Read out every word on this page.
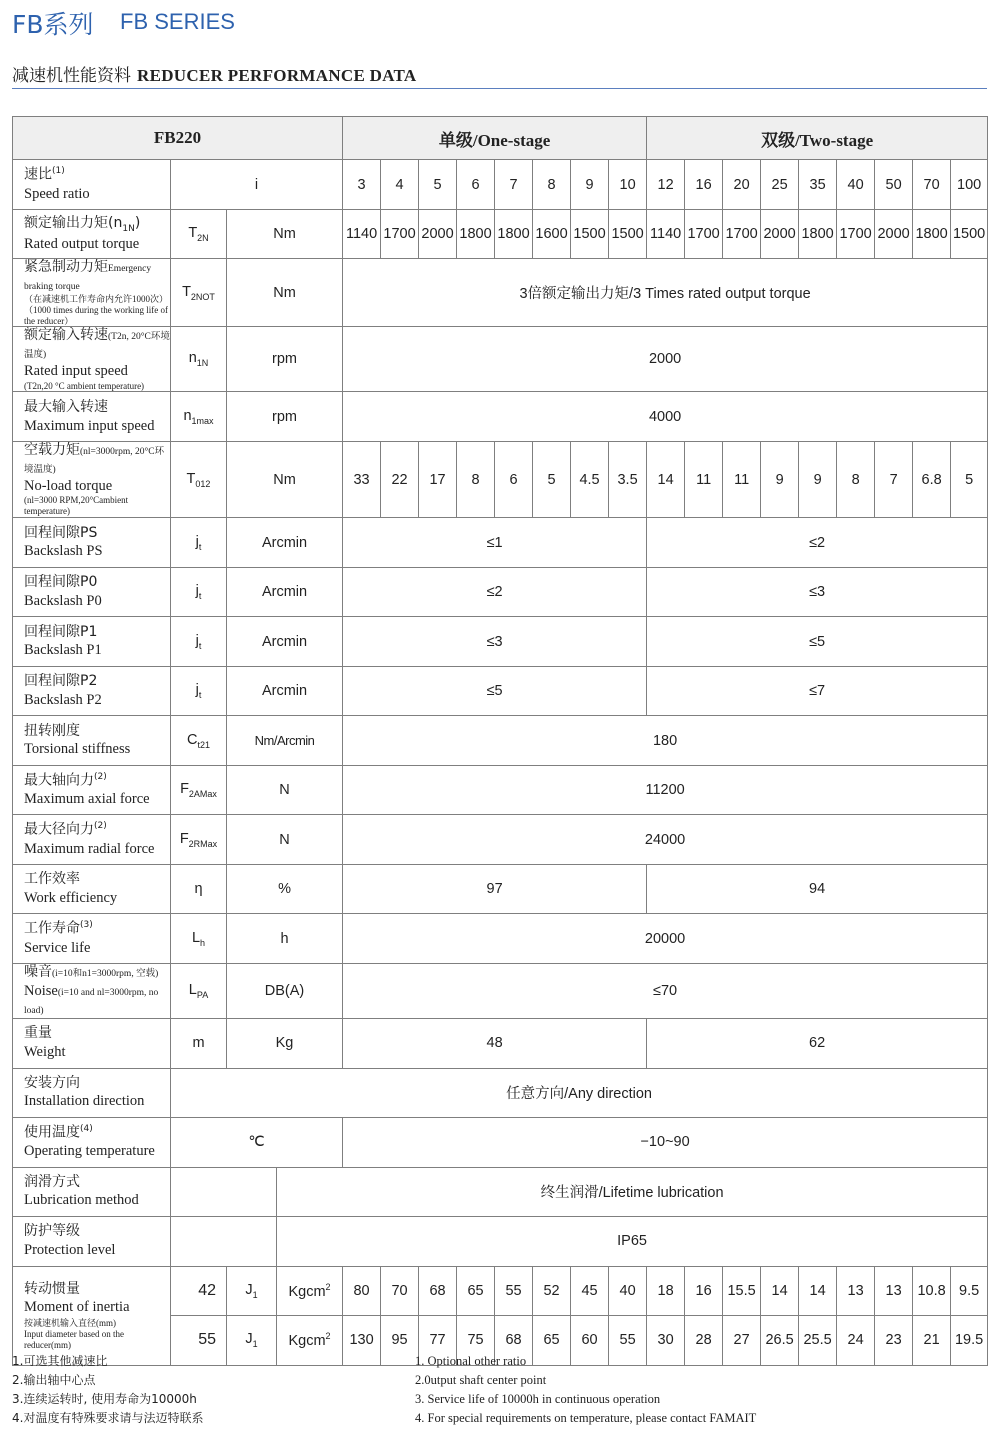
FB系列 FB SERIES
减速机性能资料 REDUCER PERFORMANCE DATA
FB220				单级/One-stage								双级/Two-stage								

速比$^{(1)}$
Speed ratio	i			3	4	5	6	7	8	9	10	12	16	20	25	35	40	50	70	100

额定输出力矩$(n_{1N})$
Rated output torque	$T_{2N}$	Nm		1140	1700	2000	1800	1800	1600	1500	1500	1140	1700	1700	2000	1800	1700	2000	1800	1500

紧急制动力矩Emergency braking torque
（在减速机工作寿命内允许1000次）
（1000 times during the working life of the reducer）	$T_{2NOT}$	Nm		3倍额定输出力矩/3 Times rated output torque																

额定输入转速(T2n, 20°C环境温度)
Rated input speed
(T2n,20 °C ambient temperature)	$n_{1N}$	rpm		2000																

最大输入转速
Maximum input speed	$n_{1max}$	rpm		4000																

空载力矩(nl=3000rpm, 20°C环境温度)
No-load torque
(nl=3000 RPM,20°Cambient temperature)	$T_{012}$	Nm		33	22	17	8	6	5	4.5	3.5	14	11	11	9	9	8	7	6.8	5

回程间隙PS
Backslash PS	$j_t$	Arcmin		≤1								≤2								

回程间隙P0
Backslash P0	$j_t$	Arcmin		≤2								≤3								

回程间隙P1
Backslash P1	$j_t$	Arcmin		≤3								≤5								

回程间隙P2
Backslash P2	$j_t$	Arcmin		≤5								≤7								

扭转刚度
Torsional stiffness	$C_{t21}$	Nm/Arcmin		180																

最大轴向力$^{(2)}$
Maximum axial force	$F_{2AMax}$	N		11200																

最大径向力$^{(2)}$
Maximum radial force	$F_{2RMax}$	N		24000																

工作效率
Work efficiency	η	%		97								94								

工作寿命$^{(3)}$
Service life	$L_h$	h		20000																

噪音(i=10和n1=3000rpm, 空载)
Noise(i=10 and nl=3000rpm, no load)	$L_{PA}$	DB(A)		≤70																

重量
Weight	m	Kg		48								62								

安装方向
Installation direction	任意方向/Any direction																			

使用温度$^{(4)}$
Operating temperature	℃			−10~90																

润滑方式
Lubrication method			终生润滑/Lifetime lubrication																	

防护等级
Protection level			IP65																	

转动惯量
Moment of inertia
按减速机输入直径(mm)
Input diameter based on the reducer(mm)	42	$J_1$	Kgcm$^2$	80	70	68	65	55	52	45	40	18	16	15.5	14	14	13	13	10.8	9.5
	55	$J_1$	Kgcm$^2$	130	95	77	75	68	65	60	55	30	28	27	26.5	25.5	24	23	21	19.5
1.可选其他减速比
2.输出轴中心点
3.连续运转时, 使用寿命为10000h
4.对温度有特殊要求请与法迈特联系
1. Optional other ratio
2.0utput shaft center point
3. Service life of 10000h in continuous operation
4. For special requirements on temperature, please contact FAMAIT
